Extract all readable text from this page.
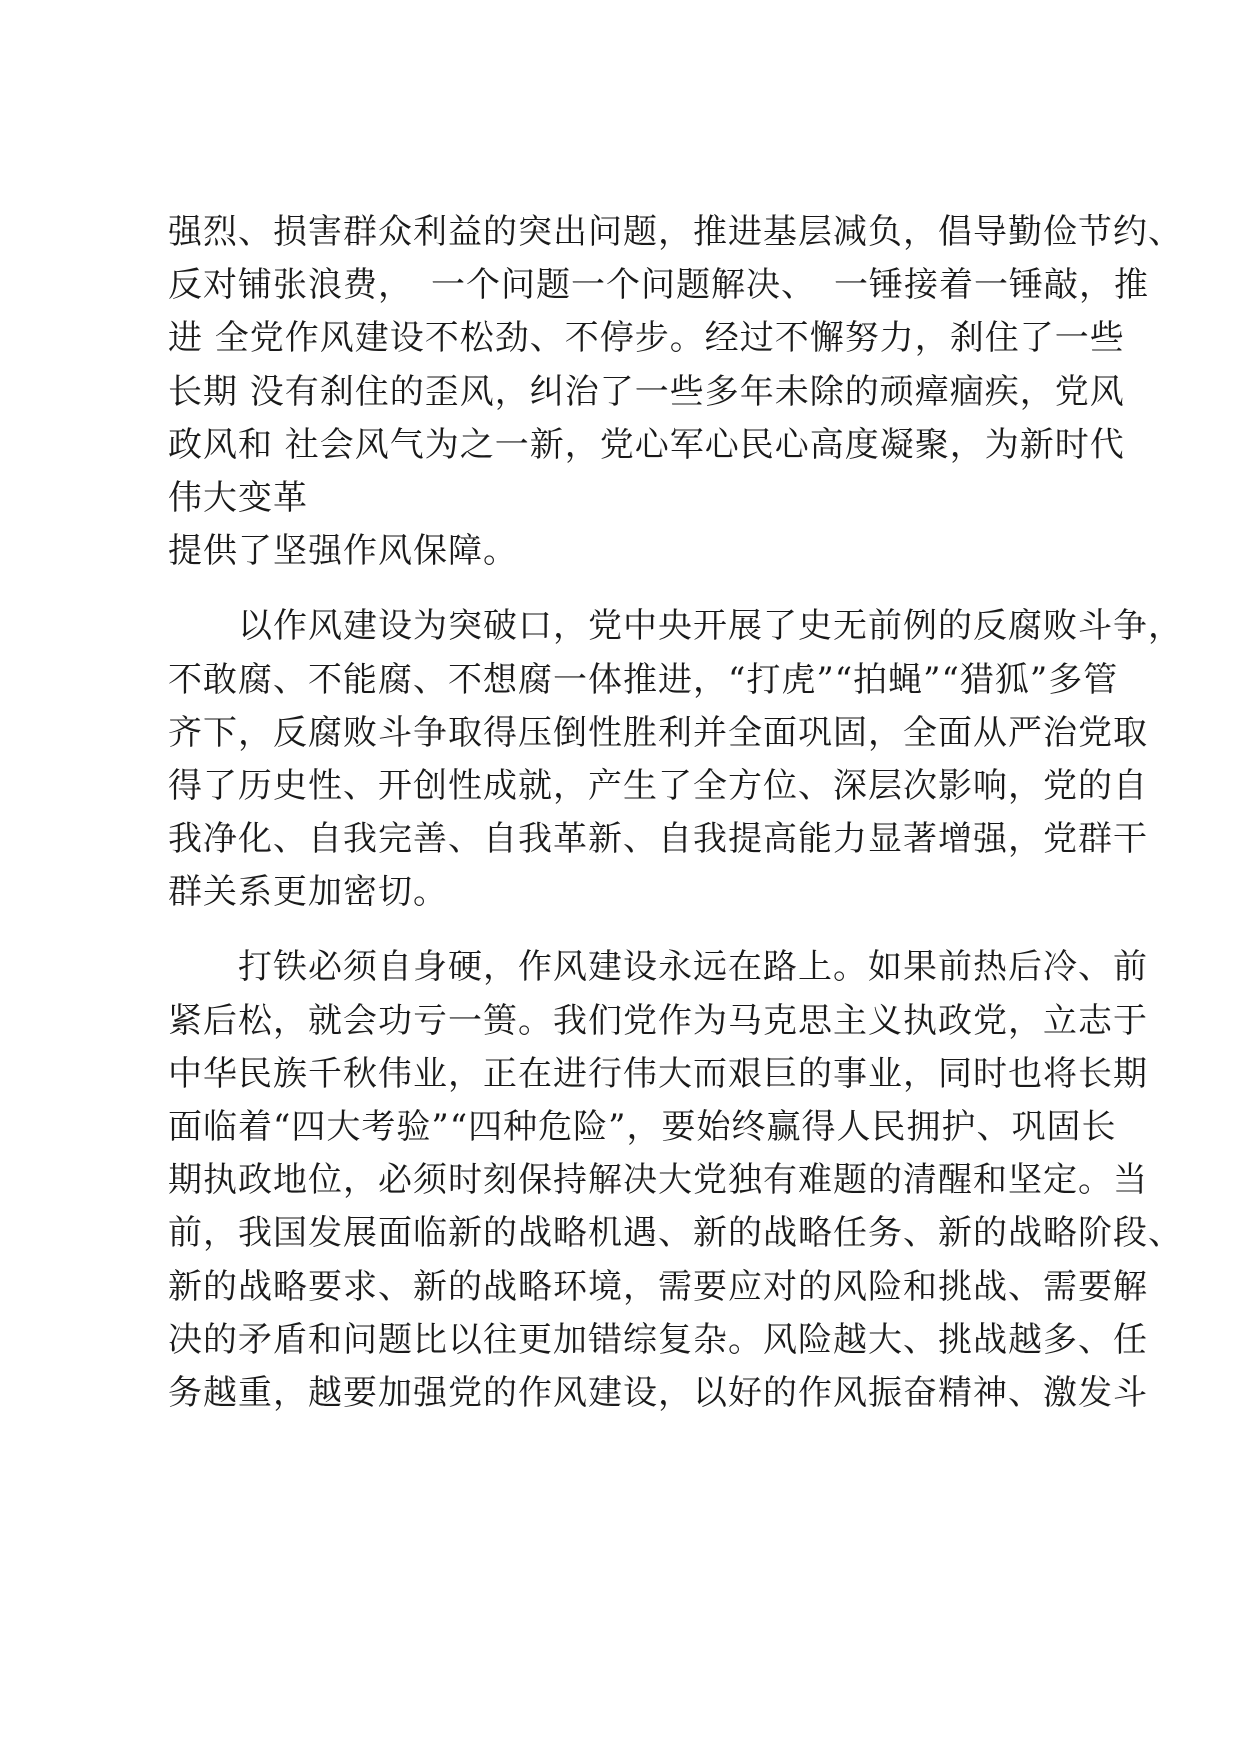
强烈、损害群众利益的突出问题，推进基层减负，倡导勤俭节约、
反对铺张浪费，　一个问题一个问题解决、　一锤接着一锤敲，推
进 全党作风建设不松劲、不停步。经过不懈努力，刹住了一些
长期 没有刹住的歪风，纠治了一些多年未除的顽瘴痼疾，党风
政风和 社会风气为之一新，党心军心民心高度凝聚，为新时代
伟大变革
提供了坚强作风保障。
　　以作风建设为突破口，党中央开展了史无前例的反腐败斗争，
不敢腐、不能腐、不想腐一体推进，“打虎”“拍蝇”“猎狐”多管
齐下，反腐败斗争取得压倒性胜利并全面巩固，全面从严治党取
得了历史性、开创性成就，产生了全方位、深层次影响，党的自
我净化、自我完善、自我革新、自我提高能力显著增强，党群干
群关系更加密切。
　　打铁必须自身硬，作风建设永远在路上。如果前热后冷、前
紧后松，就会功亏一篑。我们党作为马克思主义执政党，立志于
中华民族千秋伟业，正在进行伟大而艰巨的事业，同时也将长期
面临着“四大考验”“四种危险”，要始终赢得人民拥护、巩固长
期执政地位，必须时刻保持解决大党独有难题的清醒和坚定。当
前，我国发展面临新的战略机遇、新的战略任务、新的战略阶段、
新的战略要求、新的战略环境，需要应对的风险和挑战、需要解
决的矛盾和问题比以往更加错综复杂。风险越大、挑战越多、任
务越重，越要加强党的作风建设，以好的作风振奋精神、激发斗
